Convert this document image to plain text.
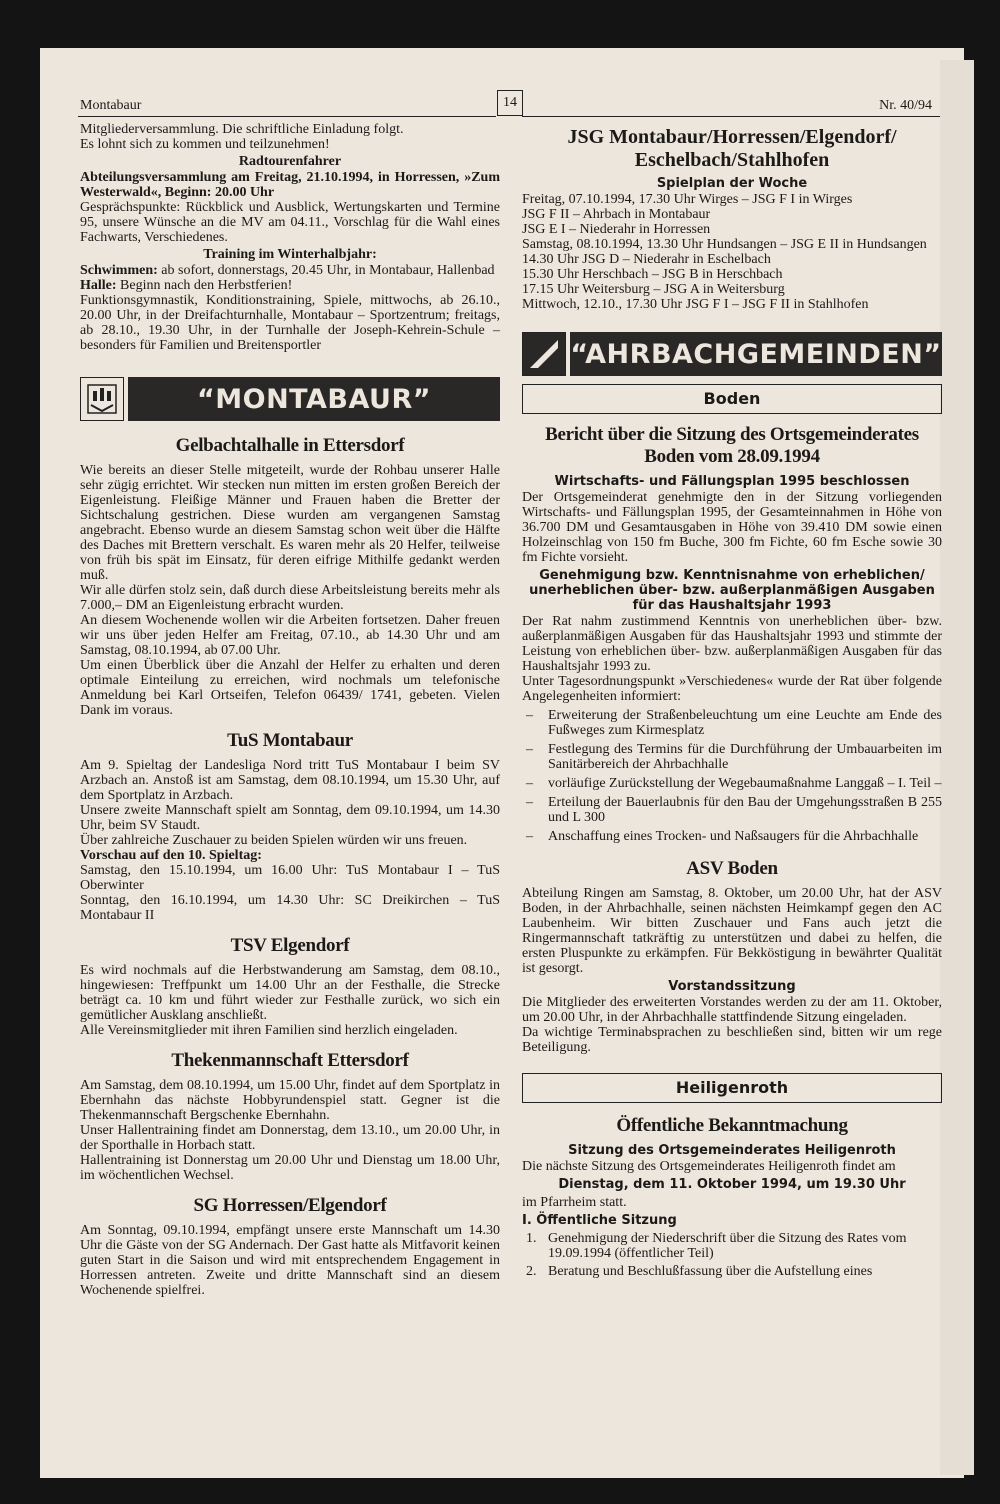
Montabaur	14	Nr. 40/94

Mitgliederversammlung. Die schriftliche Einladung folgt.

Es lohnt sich zu kommen und teilzunehmen!

Radtourenfahrer

Abteilungsversammlung am Freitag, 21.10.1994, in Horressen, »Zum Westerwald«, Beginn: 20.00 Uhr

Gesprächspunkte: Rückblick und Ausblick, Wertungskarten und Termine 95, unsere Wünsche an die MV am 04.11., Vorschlag für die Wahl eines Fachwarts, Verschiedenes.

Training im Winterhalbjahr:

Schwimmen: ab sofort, donnerstags, 20.45 Uhr, in Montabaur, Hallenbad

Halle: Beginn nach den Herbstferien!

Funktionsgymnastik, Konditionstraining, Spiele, mittwochs, ab 26.10., 20.00 Uhr, in der Dreifachturnhalle, Montabaur – Sportzentrum; freitags, ab 28.10., 19.30 Uhr, in der Turnhalle der Joseph-Kehrein-Schule – besonders für Familien und Breitensportler

“MONTABAUR”
Gelbachtalhalle in Ettersdorf

Wie bereits an dieser Stelle mitgeteilt, wurde der Rohbau unserer Halle sehr zügig errichtet. Wir stecken nun mitten im ersten großen Bereich der Eigenleistung. Fleißige Männer und Frauen haben die Bretter der Sichtschalung gestrichen. Diese wurden am vergangenen Samstag angebracht. Ebenso wurde an diesem Samstag schon weit über die Hälfte des Daches mit Brettern verschalt. Es waren mehr als 20 Helfer, teilweise von früh bis spät im Einsatz, für deren eifrige Mithilfe gedankt werden muß.

Wir alle dürfen stolz sein, daß durch diese Arbeitsleistung bereits mehr als 7.000,– DM an Eigenleistung erbracht wurden.

An diesem Wochenende wollen wir die Arbeiten fortsetzen. Daher freuen wir uns über jeden Helfer am Freitag, 07.10., ab 14.30 Uhr und am Samstag, 08.10.1994, ab 07.00 Uhr.

Um einen Überblick über die Anzahl der Helfer zu erhalten und deren optimale Einteilung zu erreichen, wird nochmals um telefonische Anmeldung bei Karl Ortseifen, Telefon 06439/ 1741, gebeten. Vielen Dank im voraus.

TuS Montabaur

Am 9. Spieltag der Landesliga Nord tritt TuS Montabaur I beim SV Arzbach an. Anstoß ist am Samstag, dem 08.10.1994, um 15.30 Uhr, auf dem Sportplatz in Arzbach.

Unsere zweite Mannschaft spielt am Sonntag, dem 09.10.1994, um 14.30 Uhr, beim SV Staudt.

Über zahlreiche Zuschauer zu beiden Spielen würden wir uns freuen.

Vorschau auf den 10. Spieltag:

Samstag, den 15.10.1994, um 16.00 Uhr: TuS Montabaur I – TuS Oberwinter

Sonntag, den 16.10.1994, um 14.30 Uhr: SC Dreikirchen – TuS Montabaur II

TSV Elgendorf

Es wird nochmals auf die Herbstwanderung am Samstag, dem 08.10., hingewiesen: Treffpunkt um 14.00 Uhr an der Festhalle, die Strecke beträgt ca. 10 km und führt wieder zur Festhalle zurück, wo sich ein gemütlicher Ausklang anschließt.

Alle Vereinsmitglieder mit ihren Familien sind herzlich eingeladen.

Thekenmannschaft Ettersdorf

Am Samstag, dem 08.10.1994, um 15.00 Uhr, findet auf dem Sportplatz in Ebernhahn das nächste Hobbyrundenspiel statt. Gegner ist die Thekenmannschaft Bergschenke Ebernhahn.

Unser Hallentraining findet am Donnerstag, dem 13.10., um 20.00 Uhr, in der Sporthalle in Horbach statt.

Hallentraining ist Donnerstag um 20.00 Uhr und Dienstag um 18.00 Uhr, im wöchentlichen Wechsel.

SG Horressen/Elgendorf

Am Sonntag, 09.10.1994, empfängt unsere erste Mannschaft um 14.30 Uhr die Gäste von der SG Andernach. Der Gast hatte als Mitfavorit keinen guten Start in die Saison und wird mit entsprechendem Engagement in Horressen antreten. Zweite und dritte Mannschaft sind an diesem Wochenende spielfrei.

JSG Montabaur/Horressen/Elgendorf/ Eschelbach/Stahlhofen
Spielplan der Woche

Freitag, 07.10.1994, 17.30 Uhr Wirges – JSG F I in Wirges

JSG F II – Ahrbach in Montabaur

JSG E I – Niederahr in Horressen

Samstag, 08.10.1994, 13.30 Uhr Hundsangen – JSG E II in Hundsangen

14.30 Uhr JSG D – Niederahr in Eschelbach

15.30 Uhr Herschbach – JSG B in Herschbach

17.15 Uhr Weitersburg – JSG A in Weitersburg

Mittwoch, 12.10., 17.30 Uhr JSG F I – JSG F II in Stahlhofen

“AHRBACHGEMEINDEN”
Boden
Bericht über die Sitzung des Ortsgemeinderates Boden vom 28.09.1994
Wirtschafts- und Fällungsplan 1995 beschlossen

Der Ortsgemeinderat genehmigte den in der Sitzung vorliegenden Wirtschafts- und Fällungsplan 1995, der Gesamteinnahmen in Höhe von 36.700 DM und Gesamtausgaben in Höhe von 39.410 DM sowie einen Holzeinschlag von 150 fm Buche, 300 fm Fichte, 60 fm Esche sowie 30 fm Fichte vorsieht.

Genehmigung bzw. Kenntnisnahme von erheblichen/ unerheblichen über- bzw. außerplanmäßigen Ausgaben für das Haushaltsjahr 1993

Der Rat nahm zustimmend Kenntnis von unerheblichen über- bzw. außerplanmäßigen Ausgaben für das Haushaltsjahr 1993 und stimmte der Leistung von erheblichen über- bzw. außerplanmäßigen Ausgaben für das Haushaltsjahr 1993 zu.

Unter Tagesordnungspunkt »Verschiedenes« wurde der Rat über folgende Angelegenheiten informiert:

– Erweiterung der Straßenbeleuchtung um eine Leuchte am Ende des Fußweges zum Kirmesplatz
– Festlegung des Termins für die Durchführung der Umbauarbeiten im Sanitärbereich der Ahrbachhalle
– vorläufige Zurückstellung der Wegebaumaßnahme Langgaß – I. Teil –
– Erteilung der Bauerlaubnis für den Bau der Umgehungsstraßen B 255 und L 300
– Anschaffung eines Trocken- und Naßsaugers für die Ahrbachhalle
ASV Boden

Abteilung Ringen am Samstag, 8. Oktober, um 20.00 Uhr, hat der ASV Boden, in der Ahrbachhalle, seinen nächsten Heimkampf gegen den AC Laubenheim. Wir bitten Zuschauer und Fans auch jetzt die Ringermannschaft tatkräftig zu unterstützen und dabei zu helfen, die ersten Pluspunkte zu erkämpfen. Für Bekköstigung in bewährter Qualität ist gesorgt.

Vorstandssitzung

Die Mitglieder des erweiterten Vorstandes werden zu der am 11. Oktober, um 20.00 Uhr, in der Ahrbachhalle stattfindende Sitzung eingeladen.

Da wichtige Terminabsprachen zu beschließen sind, bitten wir um rege Beteiligung.

Heiligenroth
Öffentliche Bekanntmachung
Sitzung des Ortsgemeinderates Heiligenroth

Die nächste Sitzung des Ortsgemeinderates Heiligenroth findet am

Dienstag, dem 11. Oktober 1994, um 19.30 Uhr

im Pfarrheim statt.

I. Öffentliche Sitzung

1. Genehmigung der Niederschrift über die Sitzung des Rates vom 19.09.1994 (öffentlicher Teil)
2. Beratung und Beschlußfassung über die Aufstellung eines
